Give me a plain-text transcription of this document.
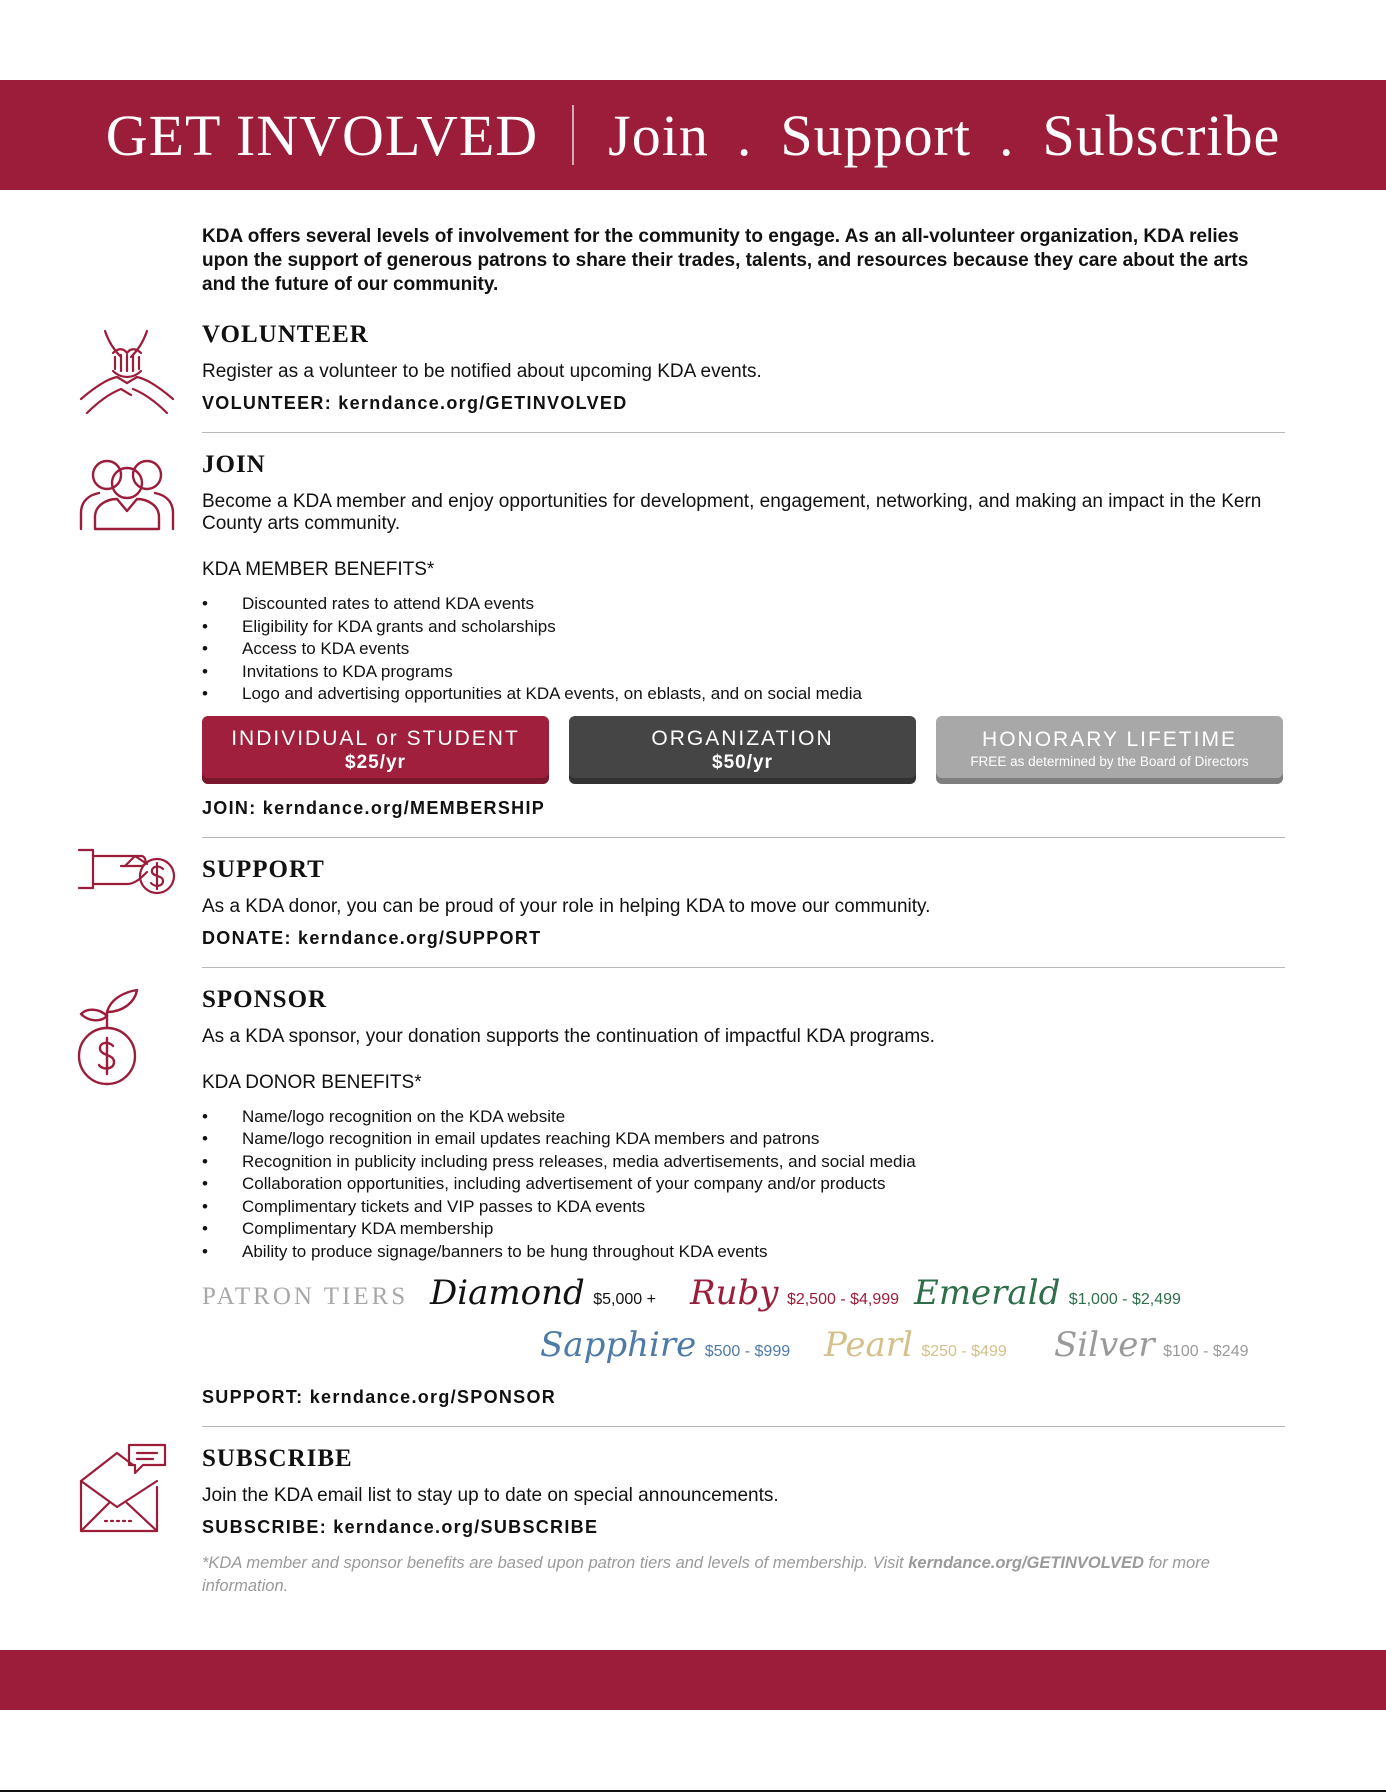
GET INVOLVED Join . Support . Subscribe

KDA offers several levels of involvement for the community to engage. As an all-volunteer organization, KDA relies upon the support of generous patrons to share their trades, talents, and resources because they care about the arts and the future of our community.

VOLUNTEER

Register as a volunteer to be notified about upcoming KDA events.

VOLUNTEER: kerndance.org/GETINVOLVED
JOIN

Become a KDA member and enjoy opportunities for development, engagement, networking, and making an impact in the Kern County arts community.

KDA MEMBER BENEFITS*
• Discounted rates to attend KDA events
• Eligibility for KDA grants and scholarships
• Access to KDA events
• Invitations to KDA programs
• Logo and advertising opportunities at KDA events, on eblasts, and on social media
INDIVIDUAL or STUDENT
$25/yr
ORGANIZATION
$50/yr
HONORARY LIFETIME
FREE as determined by the Board of Directors
JOIN: kerndance.org/MEMBERSHIP
SUPPORT

As a KDA donor, you can be proud of your role in helping KDA to move our community.

DONATE: kerndance.org/SUPPORT
SPONSOR

As a KDA sponsor, your donation supports the continuation of impactful KDA programs.

KDA DONOR BENEFITS*
• Name/logo recognition on the KDA website
• Name/logo recognition in email updates reaching KDA members and patrons
• Recognition in publicity including press releases, media advertisements, and social media
• Collaboration opportunities, including advertisement of your company and/or products
• Complimentary tickets and VIP passes to KDA events
• Complimentary KDA membership
• Ability to produce signage/banners to be hung throughout KDA events
PATRON TIERS Diamond $5,000 + Ruby $2,500 - $4,999 Emerald $1,000 - $2,499
Sapphire $500 - $999 Pearl $250 - $499 Silver $100 - $249
SUPPORT: kerndance.org/SPONSOR
SUBSCRIBE

Join the KDA email list to stay up to date on special announcements.

SUBSCRIBE: kerndance.org/SUBSCRIBE
*KDA member and sponsor benefits are based upon patron tiers and levels of membership. Visit kerndance.org/GETINVOLVED for more information.
